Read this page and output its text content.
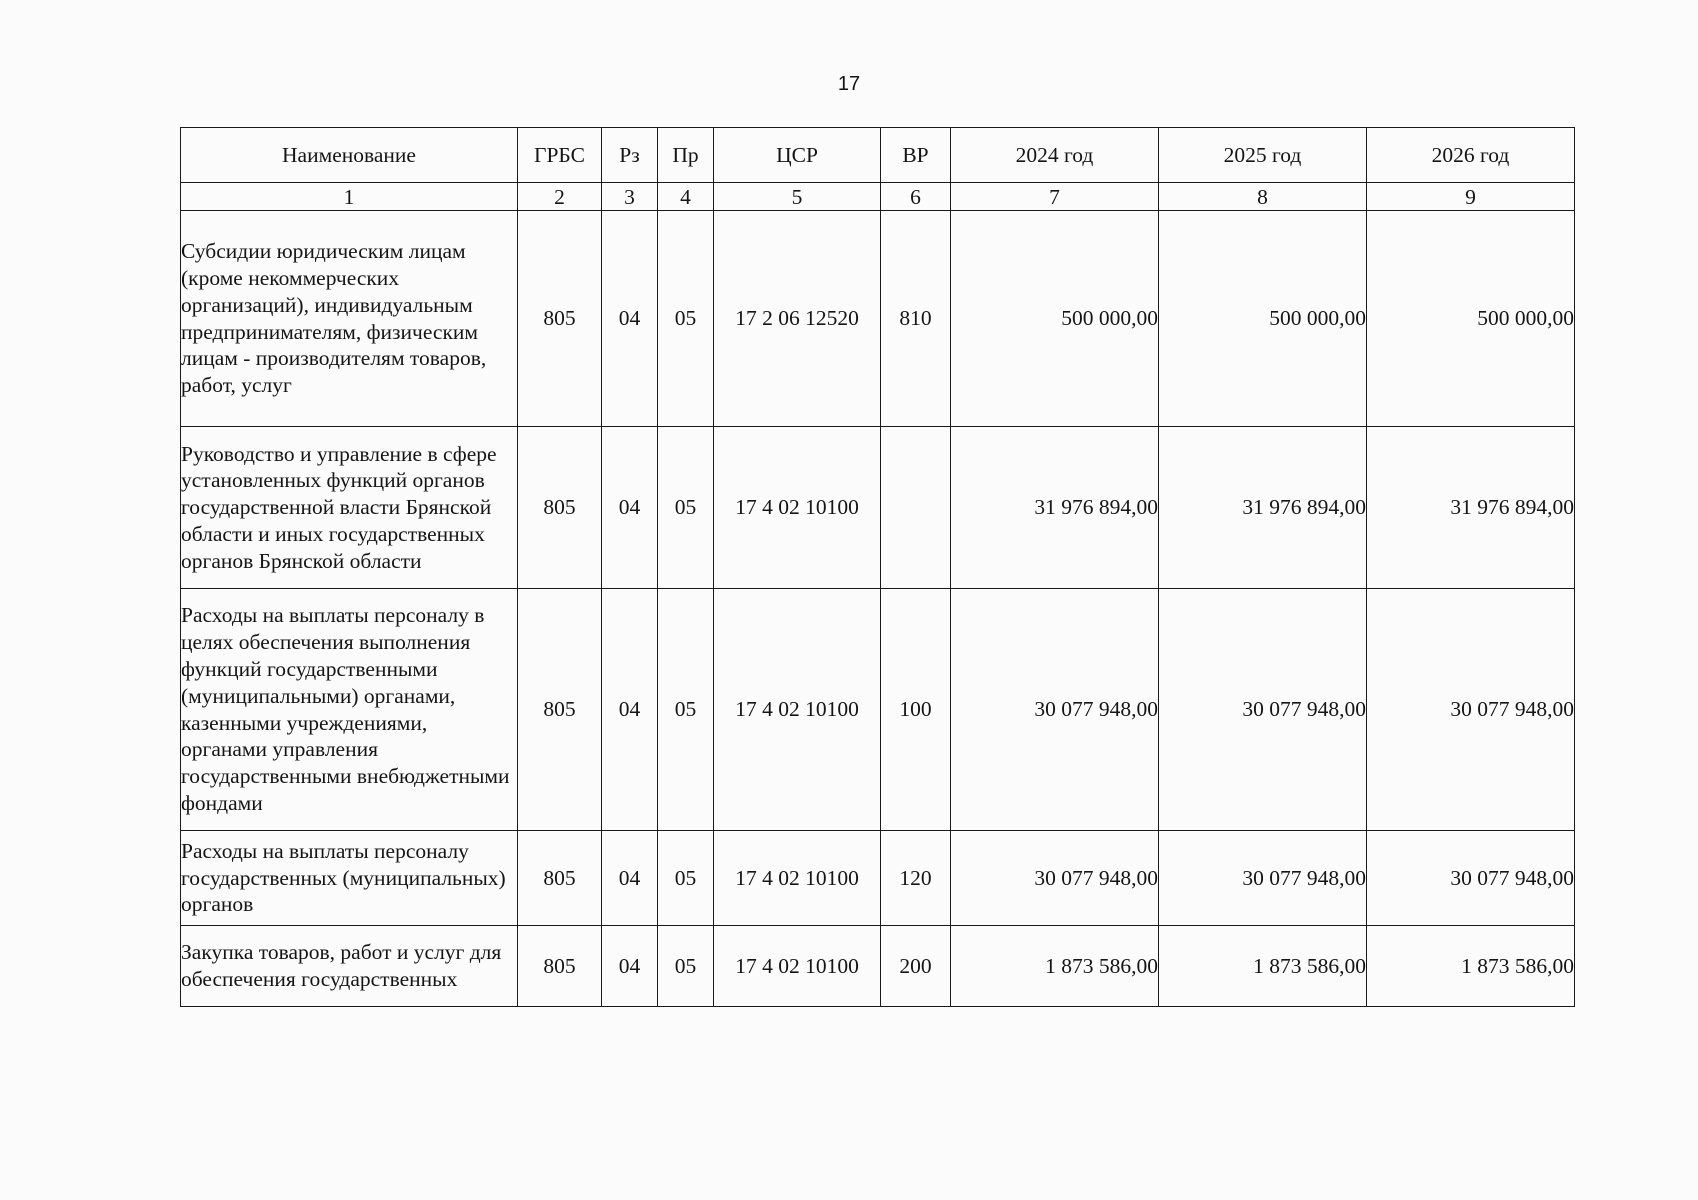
17
Наименование	ГРБС	Рз	Пр	ЦСР	ВР	2024 год	2025 год	2026 год
1	2	3	4	5	6	7	8	9
Субсидии юридическим лицам (кроме некоммерческих организаций), индивидуальным предпринимателям, физическим лицам - производителям товаров, работ, услуг	805	04	05	17 2 06 12520	810	500 000,00	500 000,00	500 000,00
Руководство и управление в сфере установленных функций органов государственной власти Брянской области и иных государственных органов Брянской области	805	04	05	17 4 02 10100		31 976 894,00	31 976 894,00	31 976 894,00
Расходы на выплаты персоналу в целях обеспечения выполнения функций государственными (муниципальными) органами, казенными учреждениями, органами управления государственными внебюджетными фондами	805	04	05	17 4 02 10100	100	30 077 948,00	30 077 948,00	30 077 948,00
Расходы на выплаты персоналу государственных (муниципальных) органов	805	04	05	17 4 02 10100	120	30 077 948,00	30 077 948,00	30 077 948,00
Закупка товаров, работ и услуг для обеспечения государственных	805	04	05	17 4 02 10100	200	1 873 586,00	1 873 586,00	1 873 586,00
